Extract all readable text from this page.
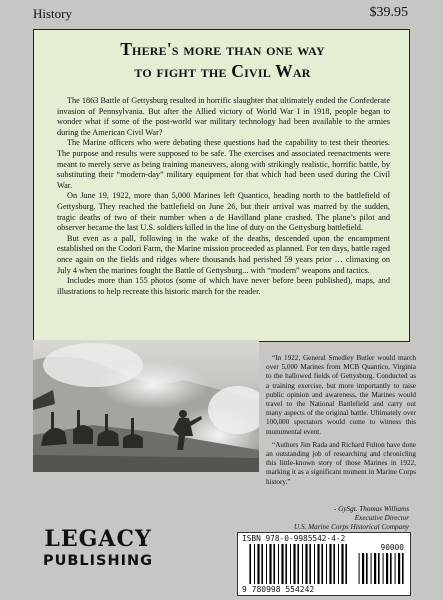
History	$39.95
There's more than one way
to fight the Civil War

The 1863 Battle of Gettysburg resulted in horrific slaughter that ultimately ended the Confederate invasion of Pennsylvania. But after the Allied victory of World War I in 1918, people began to wonder what if some of the post-world war military technology had been available to the armies during the American Civil War?

The Marine officers who were debating these questions had the capability to test their theories. The purpose and results were supposed to be safe. The exercises and associated reenactments were meant to merely serve as being training maneuvers, along with strikingly realistic, horrific battle, by substituting their “modern-day” military equipment for that which had been used during the Civil War.

On June 19, 1922, more than 5,000 Marines left Quantico, heading north to the battlefield of Gettysburg. They reached the battlefield on June 26, but their arrival was marred by the sudden, tragic deaths of two of their number when a de Havilland plane crashed. The plane’s pilot and observer became the last U.S. soldiers killed in the line of duty on the Gettysburg battlefield.

But even as a pall, following in the wake of the deaths, descended upon the encampment established on the Codori Farm, the Marine mission proceeded as planned. For ten days, battle raged once again on the fields and ridges where thousands had perished 59 years prior … climaxing on July 4 when the marines fought the Battle of Gettysburg... with “modern” weapons and tactics.

Includes more than 155 photos (some of which have never before been published), maps, and illustrations to help recreate this historic march for the reader.

“In 1922, General Smedley Butler would march over 5,000 Marines from MCB Quantico, Virginia to the hallowed fields of Gettysburg. Conducted as a training exercise, but more importantly to raise public opinion and awareness, the Marines would travel to the National Battlefield and carry out many aspects of the original battle. Ultimately over 100,000 spectators would come to witness this monumental event.

“Authors Jim Rada and Richard Fulton have done an outstanding job of researching and chronicling this little-known story of those Marines in 1922, marking it as a significant moment in Marine Corps history.”

- GySgt. Thomas Williams
Executive Director
U.S. Marine Corps Historical Company
LEGACY
PUBLISHING
ISBN 978-0-9985542-4-2
90000
9 780998 554242
